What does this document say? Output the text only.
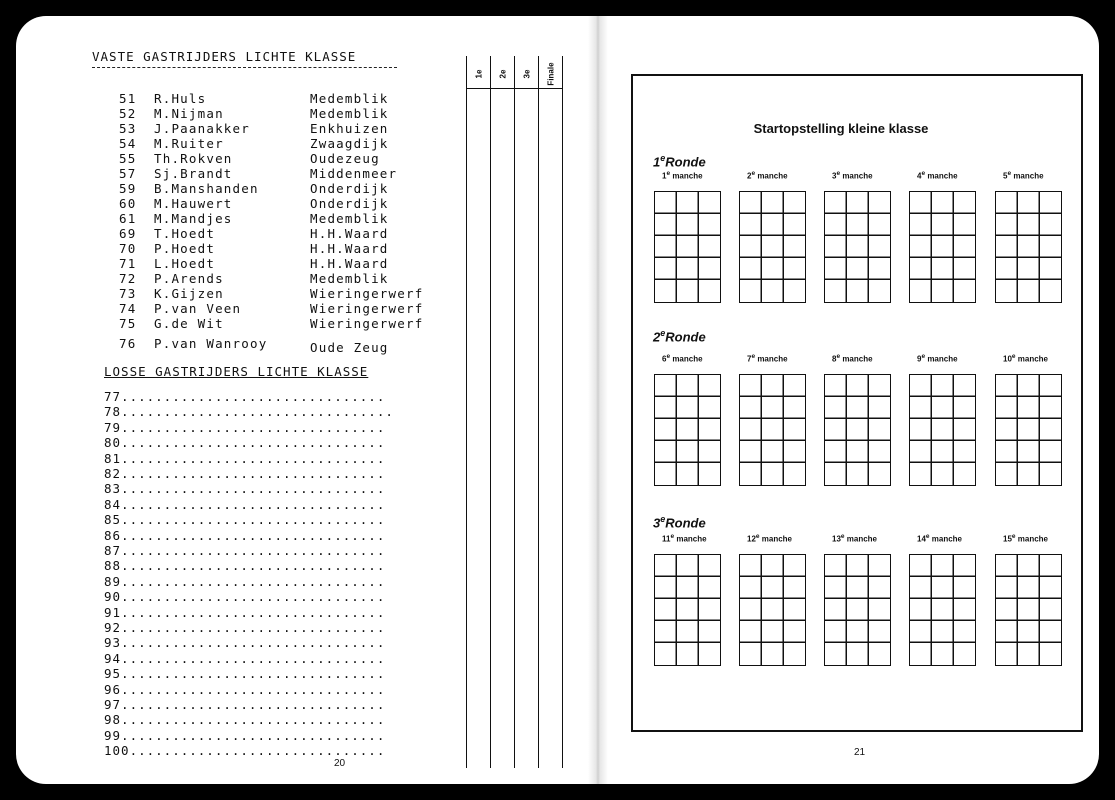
VASTE GASTRIJDERS LICHTE KLASSE
51 R.Huls	Medemblik
52 M.Nijman	Medemblik
53 J.Paanakker	Enkhuizen
54 M.Ruiter	Zwaagdijk
55 Th.Rokven	Oudezeug
57 Sj.Brandt	Middenmeer
59 B.Manshanden	Onderdijk
60 M.Hauwert	Onderdijk
61 M.Mandjes	Medemblik
69 T.Hoedt	H.H.Waard
70 P.Hoedt	H.H.Waard
71 L.Hoedt	H.H.Waard
72 P.Arends	Medemblik
73 K.Gijzen	Wieringerwerf
74 P.van Veen	Wieringerwerf
75 G.de Wit	Wieringerwerf
76 P.van Wanrooy	Oude Zeug
LOSSE GASTRIJDERS LICHTE KLASSE
77...............................
78................................
79...............................
80...............................
81...............................
82...............................
83...............................
84...............................
85...............................
86...............................
87...............................
88...............................
89...............................
90...............................
91...............................
92...............................
93...............................
94...............................
95...............................
96...............................
97...............................
98...............................
99...............................
100..............................
1e 2e 3e Finale
20
Startopstelling kleine klasse
1eRonde
1e manche	2e manche	3e manche	4e manche	5e manche
2eRonde
6e manche	7e manche	8e manche	9e manche	10e manche
3eRonde
11e manche	12e manche	13e manche	14e manche	15e manche
21
